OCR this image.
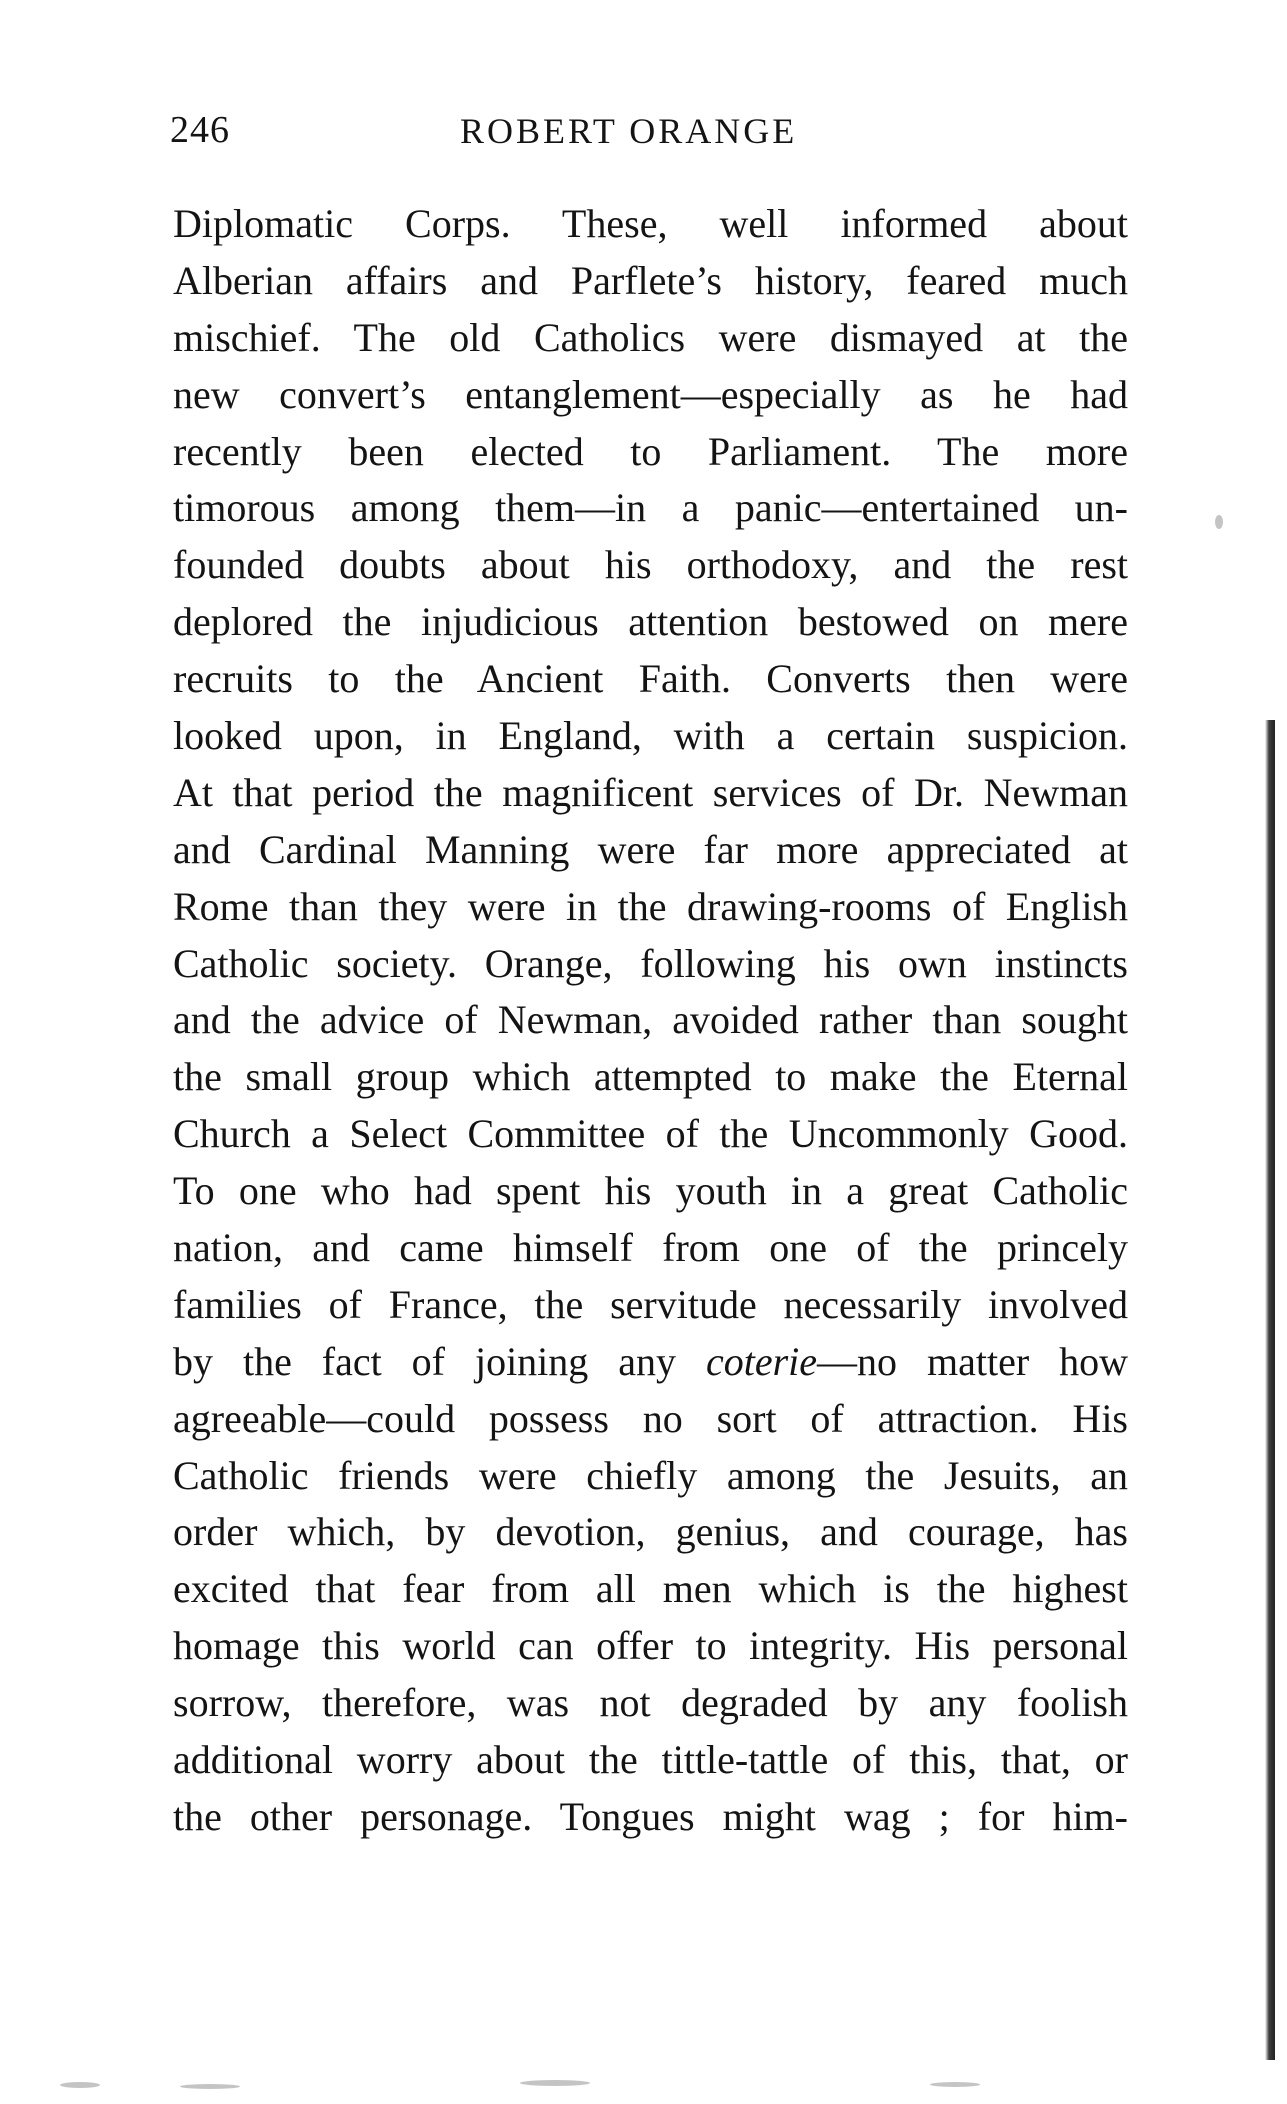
246	ROBERT ORANGE
Diplomatic Corps. These, well informed about
Alberian affairs and Parflete’s history, feared much
mischief. The old Catholics were dismayed at the
new convert’s entanglement—especially as he had
recently been elected to Parliament. The more
timorous among them—in a panic—entertained un-
founded doubts about his orthodoxy, and the rest
deplored the injudicious attention bestowed on mere
recruits to the Ancient Faith. Converts then were
looked upon, in England, with a certain suspicion.
At that period the magnificent services of Dr. Newman
and Cardinal Manning were far more appreciated at
Rome than they were in the drawing-rooms of English
Catholic society. Orange, following his own instincts
and the advice of Newman, avoided rather than sought
the small group which attempted to make the Eternal
Church a Select Committee of the Uncommonly Good.
To one who had spent his youth in a great Catholic
nation, and came himself from one of the princely
families of France, the servitude necessarily involved
by the fact of joining any coterie—no matter how
agreeable—could possess no sort of attraction. His
Catholic friends were chiefly among the Jesuits, an
order which, by devotion, genius, and courage, has
excited that fear from all men which is the highest
homage this world can offer to integrity. His personal
sorrow, therefore, was not degraded by any foolish
additional worry about the tittle-tattle of this, that, or
the other personage. Tongues might wag ; for him-
